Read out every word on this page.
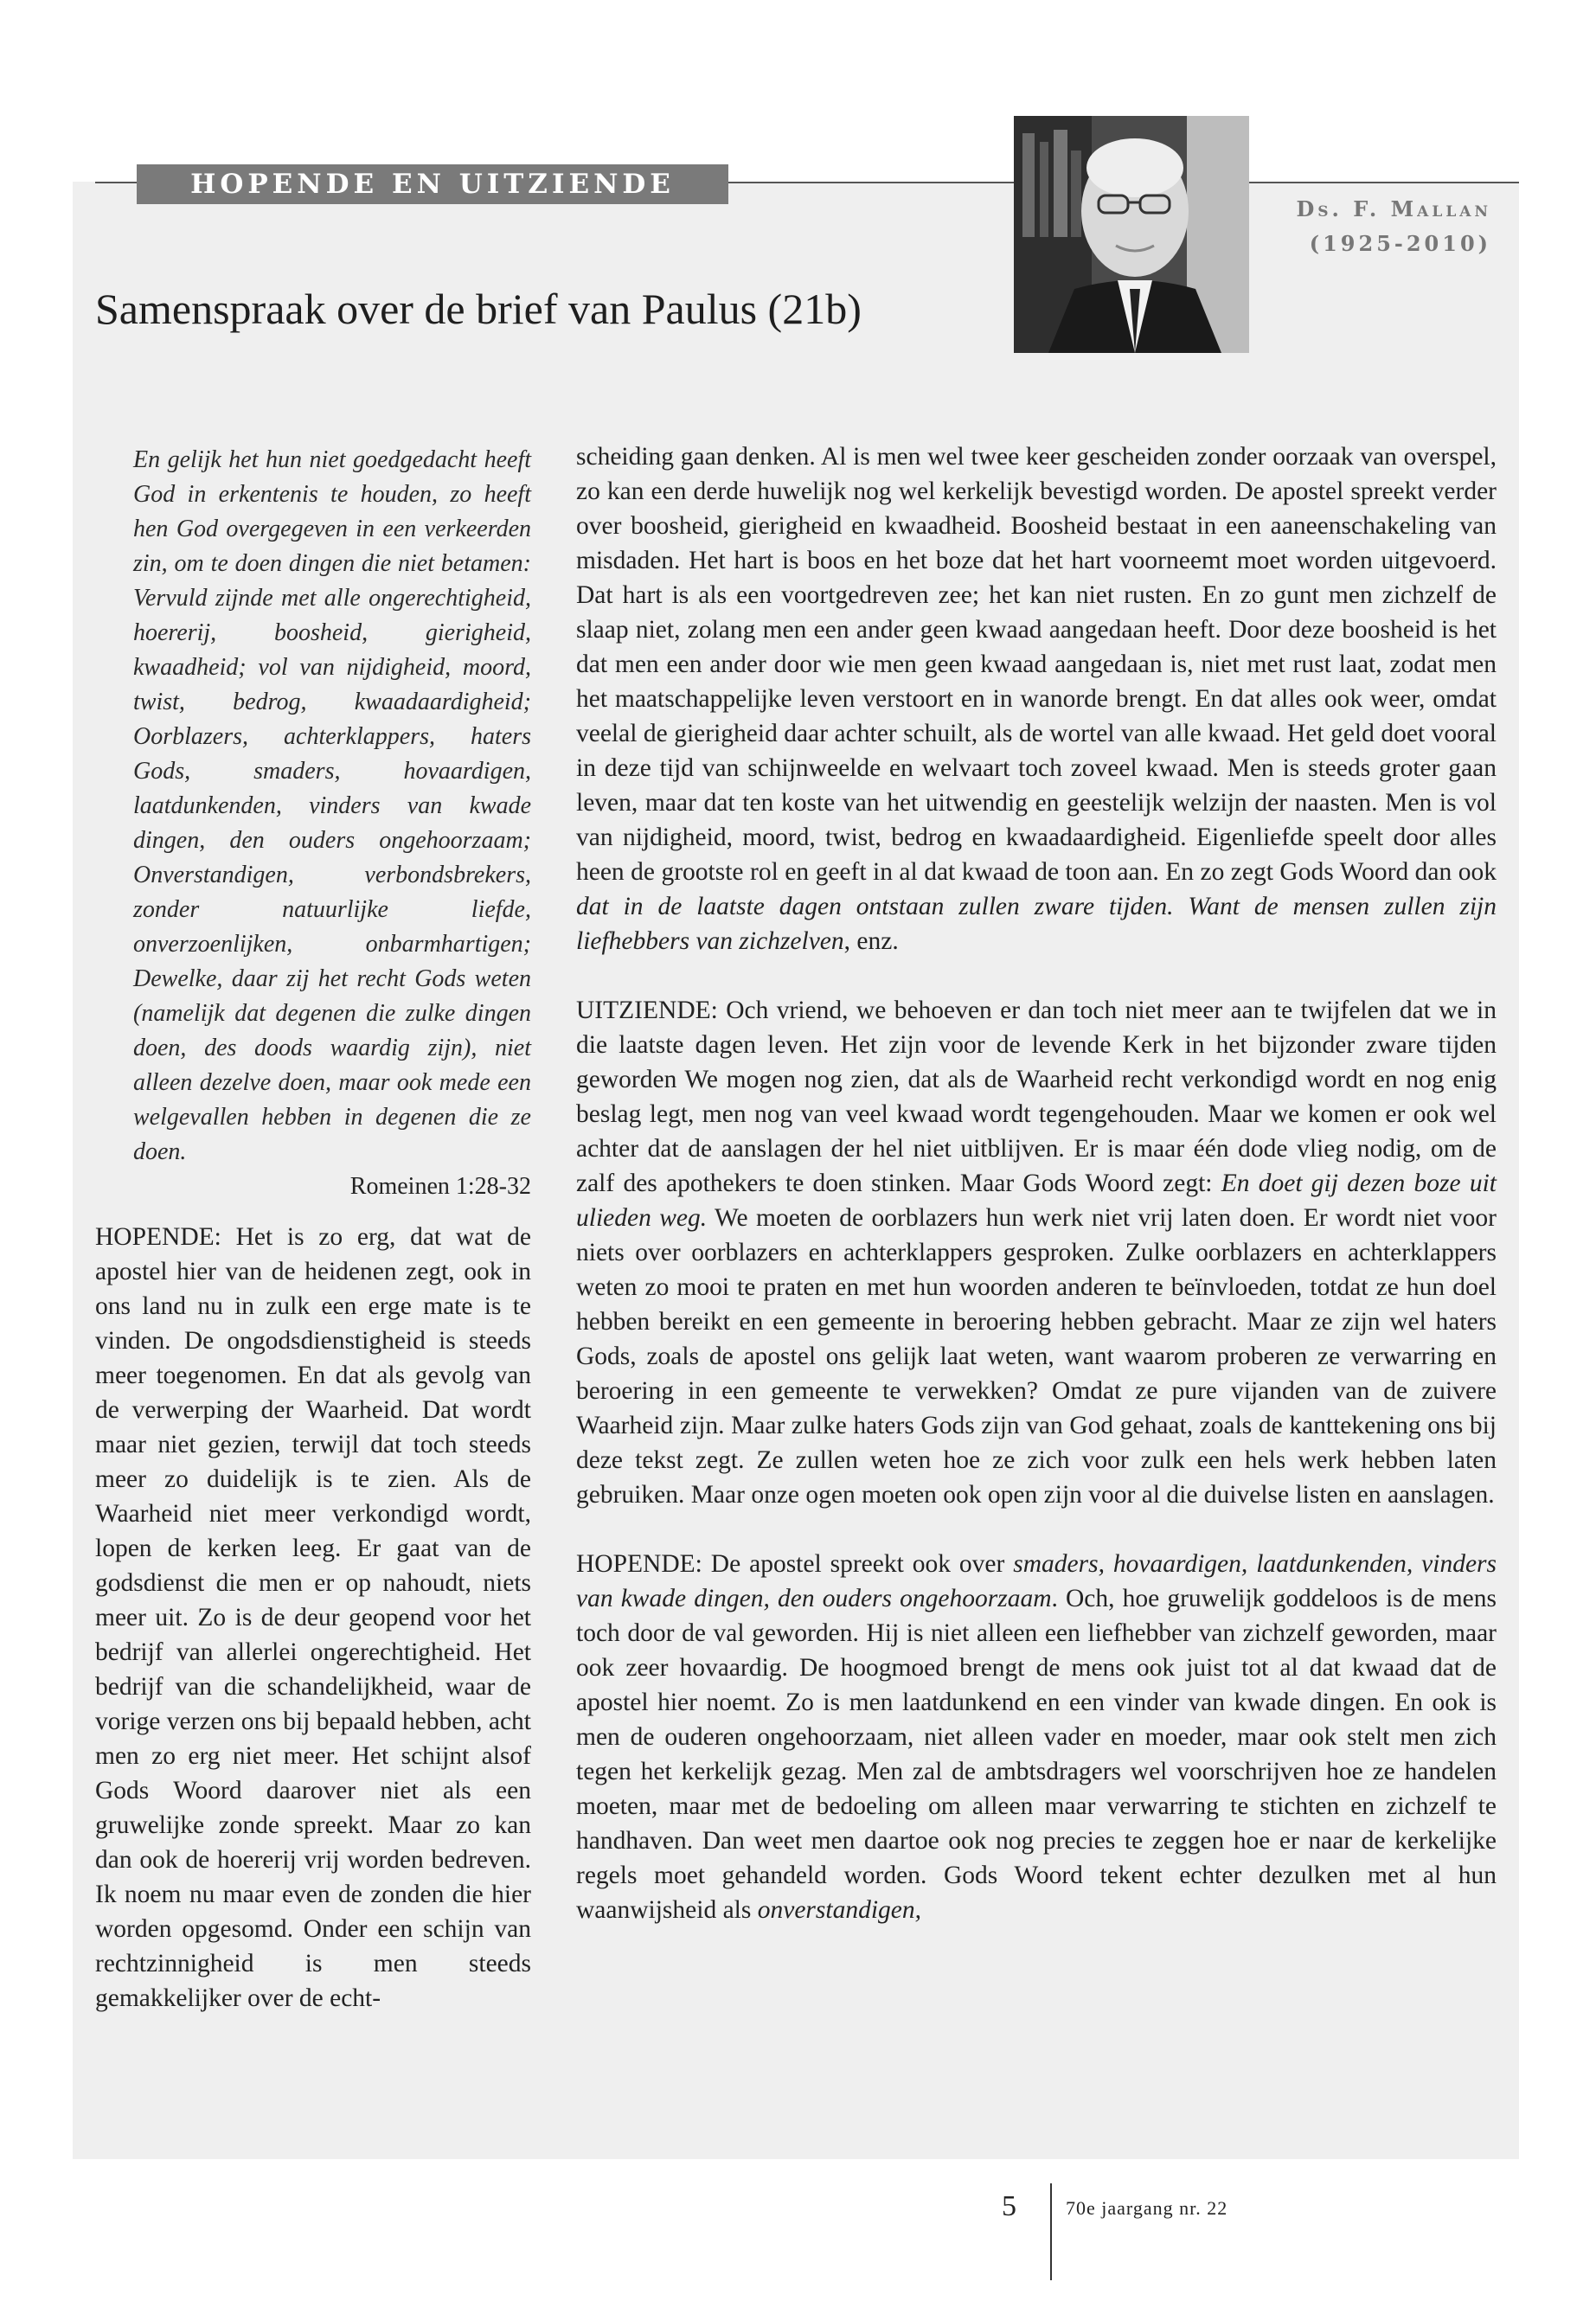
HOPENDE EN UITZIENDE
Ds. F. Mallan
(1925-2010)
Samenspraak over de brief van Paulus (21b)

En gelijk het hun niet goedgedacht heeft God in erkentenis te houden, zo heeft hen God overgegeven in een verkeerden zin, om te doen dingen die niet betamen: Vervuld zijnde met alle ongerechtigheid, hoererij, boosheid, gierigheid, kwaadheid; vol van nijdigheid, moord, twist, bedrog, kwaadaardigheid; Oorblazers, achterklappers, haters Gods, smaders, hovaardigen, laatdunkenden, vinders van kwade dingen, den ouders ongehoorzaam; Onverstandigen, verbondsbrekers, zonder natuurlijke liefde, onverzoenlijken, onbarmhartigen; Dewelke, daar zij het recht Gods weten (namelijk dat degenen die zulke dingen doen, des doods waardig zijn), niet alleen dezelve doen, maar ook mede een welgevallen hebben in degenen die ze doen.

Romeinen 1:28-32

HOPENDE: Het is zo erg, dat wat de apostel hier van de heidenen zegt, ook in ons land nu in zulk een erge mate is te vinden. De ongodsdienstigheid is steeds meer toegenomen. En dat als gevolg van de verwerping der Waarheid. Dat wordt maar niet gezien, terwijl dat toch steeds meer zo duidelijk is te zien. Als de Waarheid niet meer verkondigd wordt, lopen de kerken leeg. Er gaat van de godsdienst die men er op nahoudt, niets meer uit. Zo is de deur geopend voor het bedrijf van allerlei ongerechtigheid. Het bedrijf van die schandelijkheid, waar de vorige verzen ons bij bepaald hebben, acht men zo erg niet meer. Het schijnt alsof Gods Woord daarover niet als een gruwelijke zonde spreekt. Maar zo kan dan ook de hoererij vrij worden bedreven. Ik noem nu maar even de zonden die hier worden opgesomd. Onder een schijn van rechtzinnigheid is men steeds gemakkelijker over de echt-

scheiding gaan denken. Al is men wel twee keer gescheiden zonder oorzaak van overspel, zo kan een derde huwelijk nog wel kerkelijk bevestigd worden. De apostel spreekt verder over boosheid, gierigheid en kwaadheid. Boosheid bestaat in een aaneenschakeling van misdaden. Het hart is boos en het boze dat het hart voorneemt moet worden uitgevoerd. Dat hart is als een voortgedreven zee; het kan niet rusten. En zo gunt men zichzelf de slaap niet, zolang men een ander geen kwaad aangedaan heeft. Door deze boosheid is het dat men een ander door wie men geen kwaad aangedaan is, niet met rust laat, zodat men het maatschappelijke leven verstoort en in wanorde brengt. En dat alles ook weer, omdat veelal de gierigheid daar achter schuilt, als de wortel van alle kwaad. Het geld doet vooral in deze tijd van schijnweelde en welvaart toch zoveel kwaad. Men is steeds groter gaan leven, maar dat ten koste van het uitwendig en geestelijk welzijn der naasten. Men is vol van nijdigheid, moord, twist, bedrog en kwaadaardigheid. Eigenliefde speelt door alles heen de grootste rol en geeft in al dat kwaad de toon aan. En zo zegt Gods Woord dan ook dat in de laatste dagen ontstaan zullen zware tijden. Want de mensen zullen zijn liefhebbers van zichzelven, enz.

UITZIENDE: Och vriend, we behoeven er dan toch niet meer aan te twijfelen dat we in die laatste dagen leven. Het zijn voor de levende Kerk in het bijzonder zware tijden geworden We mogen nog zien, dat als de Waarheid recht verkondigd wordt en nog enig beslag legt, men nog van veel kwaad wordt tegengehouden. Maar we komen er ook wel achter dat de aanslagen der hel niet uitblijven. Er is maar één dode vlieg nodig, om de zalf des apothekers te doen stinken. Maar Gods Woord zegt: En doet gij dezen boze uit ulieden weg. We moeten de oorblazers hun werk niet vrij laten doen. Er wordt niet voor niets over oorblazers en achterklappers gesproken. Zulke oorblazers en achterklappers weten zo mooi te praten en met hun woorden anderen te beïnvloeden, totdat ze hun doel hebben bereikt en een gemeente in beroering hebben gebracht. Maar ze zijn wel haters Gods, zoals de apostel ons gelijk laat weten, want waarom proberen ze verwarring en beroering in een gemeente te verwekken? Omdat ze pure vijanden van de zuivere Waarheid zijn. Maar zulke haters Gods zijn van God gehaat, zoals de kanttekening ons bij deze tekst zegt. Ze zullen weten hoe ze zich voor zulk een hels werk hebben laten gebruiken. Maar onze ogen moeten ook open zijn voor al die duivelse listen en aanslagen.

HOPENDE: De apostel spreekt ook over smaders, hovaardigen, laatdunkenden, vinders van kwade dingen, den ouders ongehoorzaam. Och, hoe gruwelijk goddeloos is de mens toch door de val geworden. Hij is niet alleen een liefhebber van zichzelf geworden, maar ook zeer hovaardig. De hoogmoed brengt de mens ook juist tot al dat kwaad dat de apostel hier noemt. Zo is men laatdunkend en een vinder van kwade dingen. En ook is men de ouderen ongehoorzaam, niet alleen vader en moeder, maar ook stelt men zich tegen het kerkelijk gezag. Men zal de ambtsdragers wel voorschrijven hoe ze handelen moeten, maar met de bedoeling om alleen maar verwarring te stichten en zichzelf te handhaven. Dan weet men daartoe ook nog precies te zeggen hoe er naar de kerkelijke regels moet gehandeld worden. Gods Woord tekent echter dezulken met al hun waanwijsheid als onverstandigen,

5	70e jaargang nr. 22
